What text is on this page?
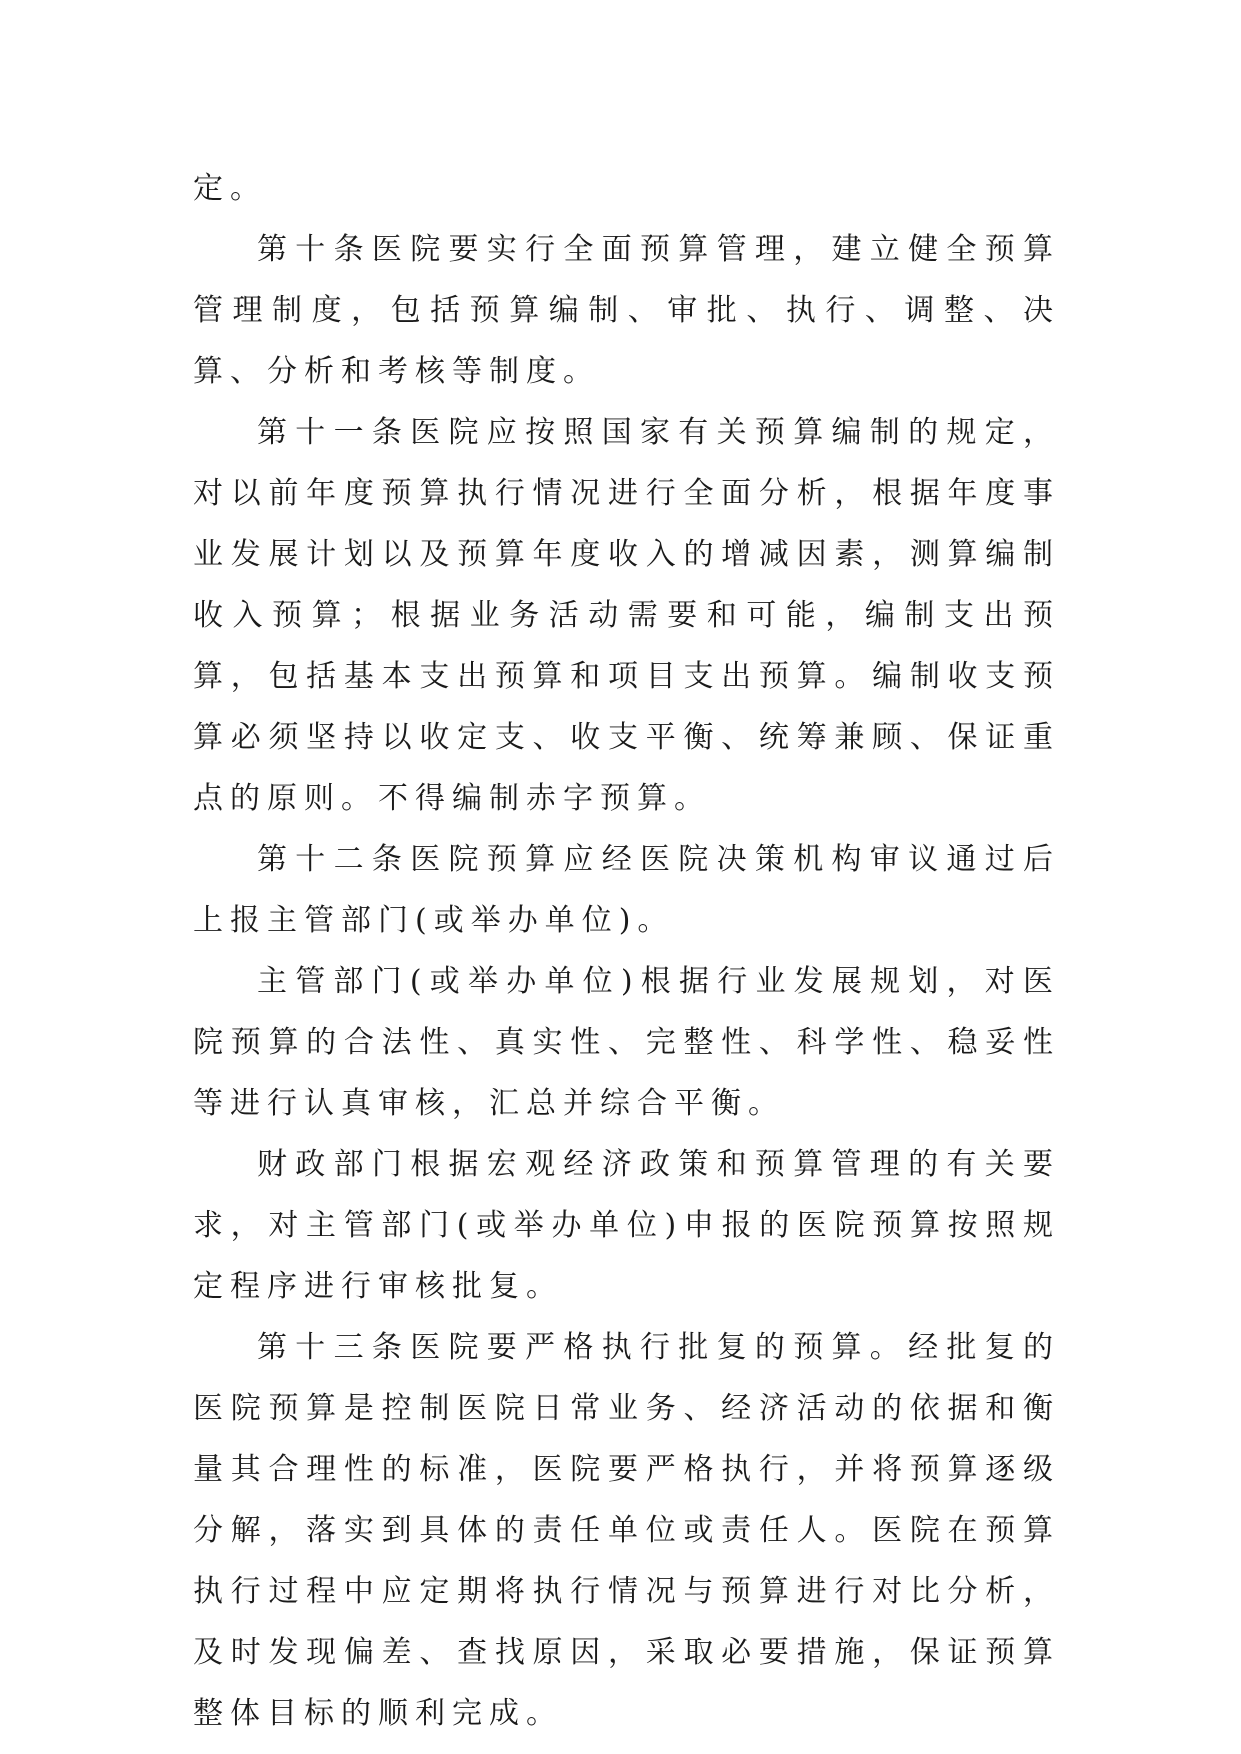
定。

第十条医院要实行全面预算管理，建立健全预算管理制度，包括预算编制、审批、执行、调整、决算、分析和考核等制度。

第十一条医院应按照国家有关预算编制的规定，对以前年度预算执行情况进行全面分析，根据年度事业发展计划以及预算年度收入的增减因素，测算编制收入预算；根据业务活动需要和可能，编制支出预算，包括基本支出预算和项目支出预算。编制收支预算必须坚持以收定支、收支平衡、统筹兼顾、保证重点的原则。不得编制赤字预算。

第十二条医院预算应经医院决策机构审议通过后上报主管部门(或举办单位)。

主管部门(或举办单位)根据行业发展规划，对医院预算的合法性、真实性、完整性、科学性、稳妥性等进行认真审核，汇总并综合平衡。

财政部门根据宏观经济政策和预算管理的有关要求，对主管部门(或举办单位)申报的医院预算按照规定程序进行审核批复。

第十三条医院要严格执行批复的预算。经批复的医院预算是控制医院日常业务、经济活动的依据和衡量其合理性的标准，医院要严格执行，并将预算逐级分解，落实到具体的责任单位或责任人。医院在预算执行过程中应定期将执行情况与预算进行对比分析，及时发现偏差、查找原因，采取必要措施，保证预算整体目标的顺利完成。
